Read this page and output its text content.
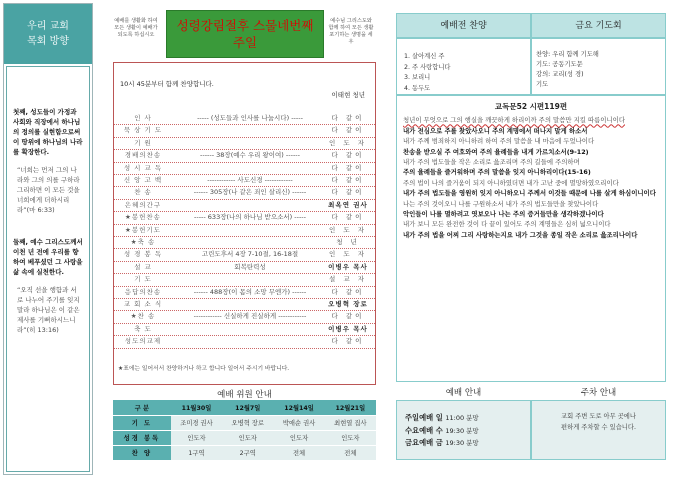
우리 교회
목회 방향

첫째, 성도들이 가정과 사회와 직장에서 하나님의 정의를 실현함으로써 이 땅위에 하나님의 나라를 확장한다.

“너희는 먼저 그의 나라와 그의 의를 구하라 그리하면 이 모든 것을 너희에게 더하시리라”(마 6:33)

둘째, 예수 그리스도께서 이천 년 전에 우리를 향하여 베푸셨던 그 사랑을 삶 속에 실천한다.

“오직 선을 행함과 서로 나누어 주기를 잊지 말라 하나님은 이 같은 제사를 기뻐하시느니라”(히 13:16)

예배를 생활화 하여 모든 생활이 예배가 되도록 하십시오
예수님 그리스도와 함께 하여 모든 생활 포기하는 생명을 세우
성령강림절후 스물네번째
주일
10시 45분부터 함께 찬양합니다.
이태현 청년
인 사	----- (성도들과 인사를 나눕시다) -----	다 같이
묵 상 기 도	다 같이
기 원	인 도 자
경배의찬송	------ 38장(예수 우리 왕이여) ------	다 같이
성 시 교 독	다 같이
신 앙 고 백	------------ 사도신경 ------------	다 같이
찬 송	------ 305장(나 같은 죄인 살리신) ------	다 같이
은혜의간구	최옥연 권사
★봉헌찬송	----- 633장(나의 하나님 받으소서) -----	다 같이
★봉헌기도	인 도 자
★축 송	청 년
성 경 봉 독	고린도후서 4장 7-10절, 16-18절	인 도 자
설 교	회복탄력성	이병우 목사
기 도	설 교 자
응답의찬송	------ 488장(이 몸의 소망 무엔가) ------	다 같이
교 회 소 식	오병혁 장로
★찬 송	------------ 신실하게 진실하게 ------------	다 같이
축 도	이병우 목사
성도의교제	다 같이
★표에는 일어서서 찬양하거나 하고 합니다 일어서 주시기 바랍니다.
예배 위원 안내
구 분	11월30일	12월7일	12월14일	12월21일
기 도	조미경 권사	오병혁 장로	박애순 권사	최현열 집사
성경 봉독	인도자	인도자	인도자	인도자
찬 양	1구역	2구역	전체	전체
예배전 찬양	금요 기도회
1. 살아계신 주
2. 주 사랑합니다
3. 보리니
4. 동두도
찬양: 우리 함께 기도해
기도: 공동기도문
강의: 교리(성 경)
기도
교독문52 시편119편
청년이 무엇으로 그의 행실을 깨끗하게 하리이까 주의 말씀만 지킬 따름이니이다
내가 전심으로 주를 찾았사오니 주의 계명에서 떠나지 말게 하소서
내가 주께 범죄하지 아니하려 하여 주의 말씀을 내 마음에 두었나이다
찬송을 받으실 주 여호와여 주의 율례들을 내게 가르치소서(9-12)
내가 주의 법도들을 작은 소리로 읊조리며 주의 길들에 주의하며
주의 율례들을 즐거워하며 주의 말씀을 잊지 아니하리이다(15-16)
주의 법이 나의 즐거움이 되지 아니하였더면 내가 고난 중에 멸망하였으리이다
내가 주의 법도들을 영원히 잊지 아니하오니 주께서 이것들 때문에 나를 살게 하심이니이다
나는 주의 것이오니 나를 구원하소서 내가 주의 법도들만을 찾았나이다
악인들이 나를 멸하려고 엿보오나 나는 주의 증거들만을 생각하겠나이다
내가 보니 모든 완전한 것이 다 끝이 있어도 주의 계명들은 심히 넓으니이다
내가 주의 법을 어찌 그리 사랑하는지요 내가 그것을 종일 작은 소리로 읊조리나이다
예배 안내	주차 안내
주일예배 일 11:00 분망
수요예배 수 19:30 분망
금요예배 금 19:30 분망
교회 주변 도로 아무 곳에나
편하게 주차할 수 있습니다.
